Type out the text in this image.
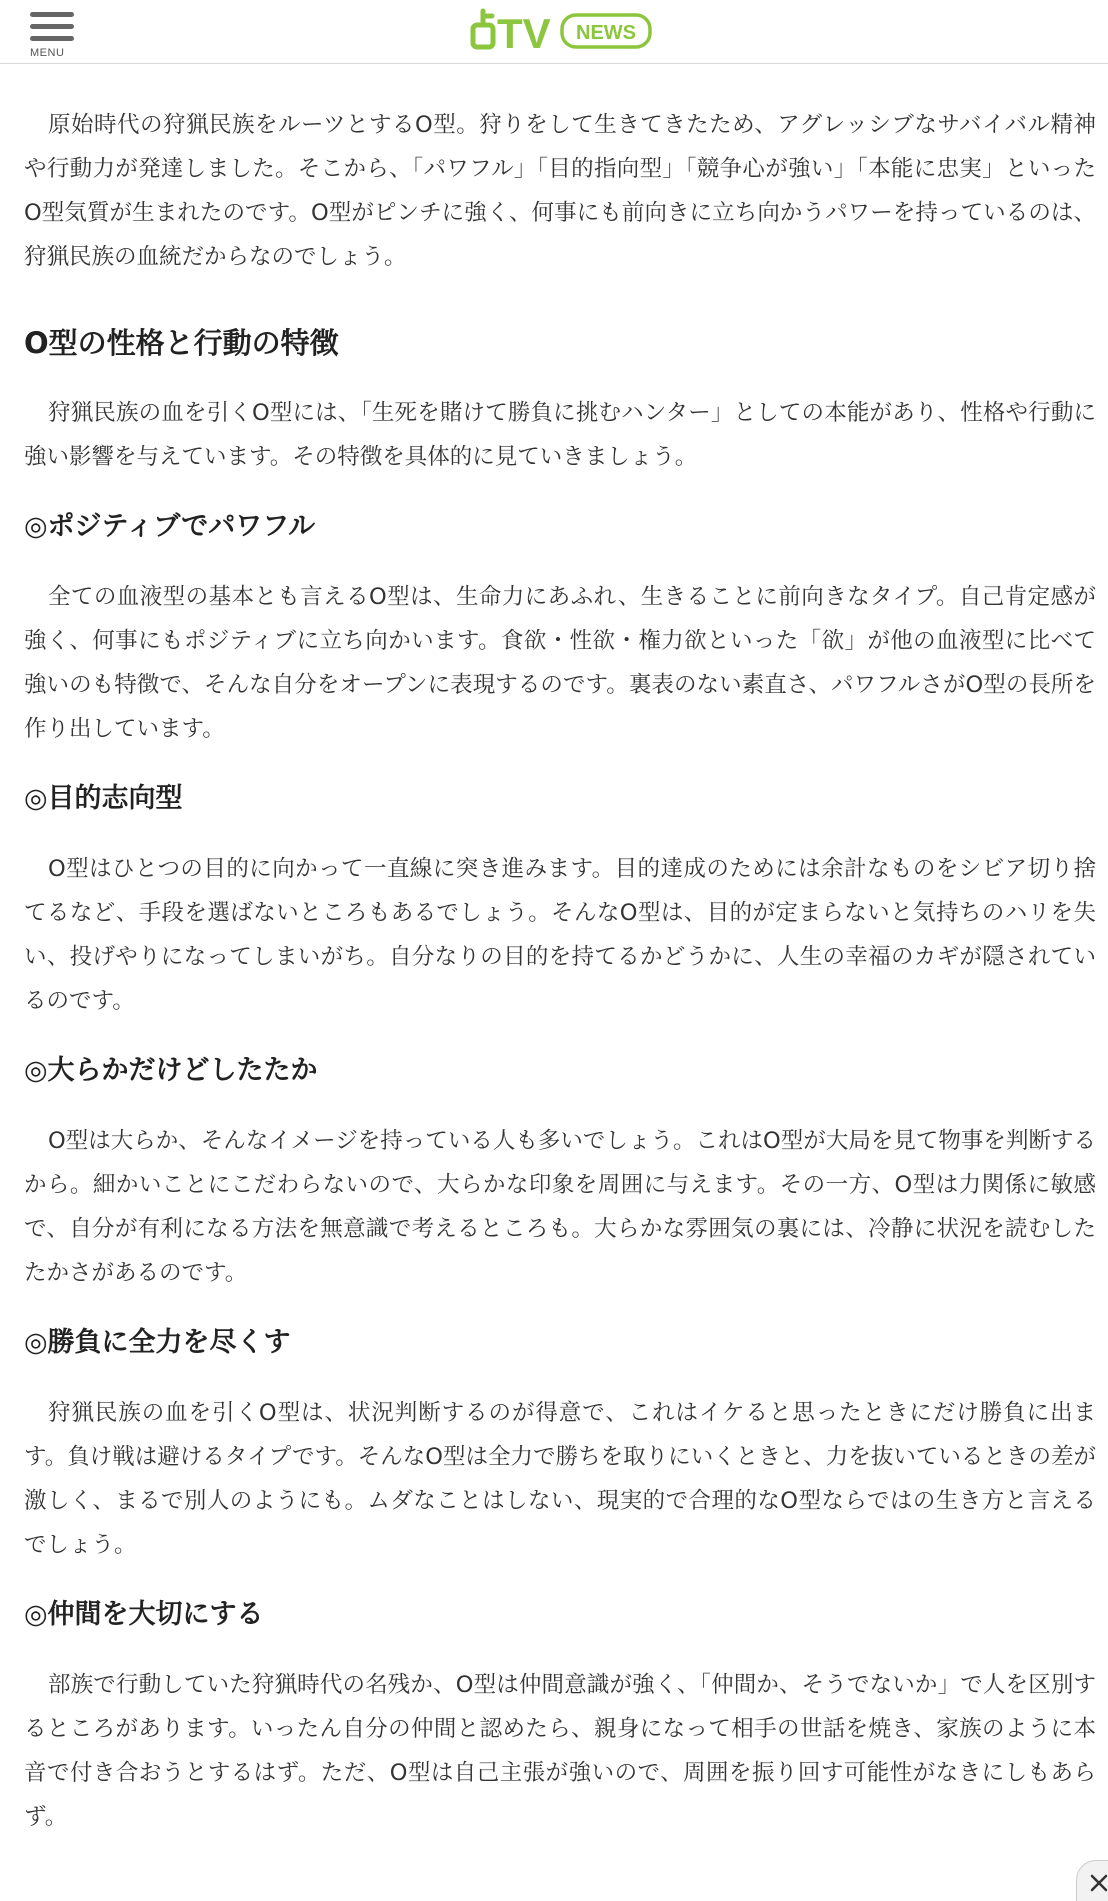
MENU	TV NEWS

原始時代の狩猟民族をルーツとするO型。狩りをして生きてきたため、アグレッシブなサバイバル精神や行動力が発達しました。そこから、「パワフル」「目的指向型」「競争心が強い」「本能に忠実」といったO型気質が生まれたのです。O型がピンチに強く、何事にも前向きに立ち向かうパワーを持っているのは、狩猟民族の血統だからなのでしょう。

O型の性格と行動の特徴

狩猟民族の血を引くO型には、「生死を賭けて勝負に挑むハンター」としての本能があり、性格や行動に強い影響を与えています。その特徴を具体的に見ていきましょう。

◎ポジティブでパワフル

全ての血液型の基本とも言えるO型は、生命力にあふれ、生きることに前向きなタイプ。自己肯定感が強く、何事にもポジティブに立ち向かいます。食欲・性欲・権力欲といった「欲」が他の血液型に比べて強いのも特徴で、そんな自分をオープンに表現するのです。裏表のない素直さ、パワフルさがO型の長所を作り出しています。

◎目的志向型

O型はひとつの目的に向かって一直線に突き進みます。目的達成のためには余計なものをシビア切り捨てるなど、手段を選ばないところもあるでしょう。そんなO型は、目的が定まらないと気持ちのハリを失い、投げやりになってしまいがち。自分なりの目的を持てるかどうかに、人生の幸福のカギが隠されているのです。

◎大らかだけどしたたか

O型は大らか、そんなイメージを持っている人も多いでしょう。これはO型が大局を見て物事を判断するから。細かいことにこだわらないので、大らかな印象を周囲に与えます。その一方、O型は力関係に敏感で、自分が有利になる方法を無意識で考えるところも。大らかな雰囲気の裏には、冷静に状況を読むしたたかさがあるのです。

◎勝負に全力を尽くす

狩猟民族の血を引くO型は、状況判断するのが得意で、これはイケると思ったときにだけ勝負に出ます。負け戦は避けるタイプです。そんなO型は全力で勝ちを取りにいくときと、力を抜いているときの差が激しく、まるで別人のようにも。ムダなことはしない、現実的で合理的なO型ならではの生き方と言えるでしょう。

◎仲間を大切にする

部族で行動していた狩猟時代の名残か、O型は仲間意識が強く、「仲間か、そうでないか」で人を区別するところがあります。いったん自分の仲間と認めたら、親身になって相手の世話を焼き、家族のように本音で付き合おうとするはず。ただ、O型は自己主張が強いので、周囲を振り回す可能性がなきにしもあらず。
